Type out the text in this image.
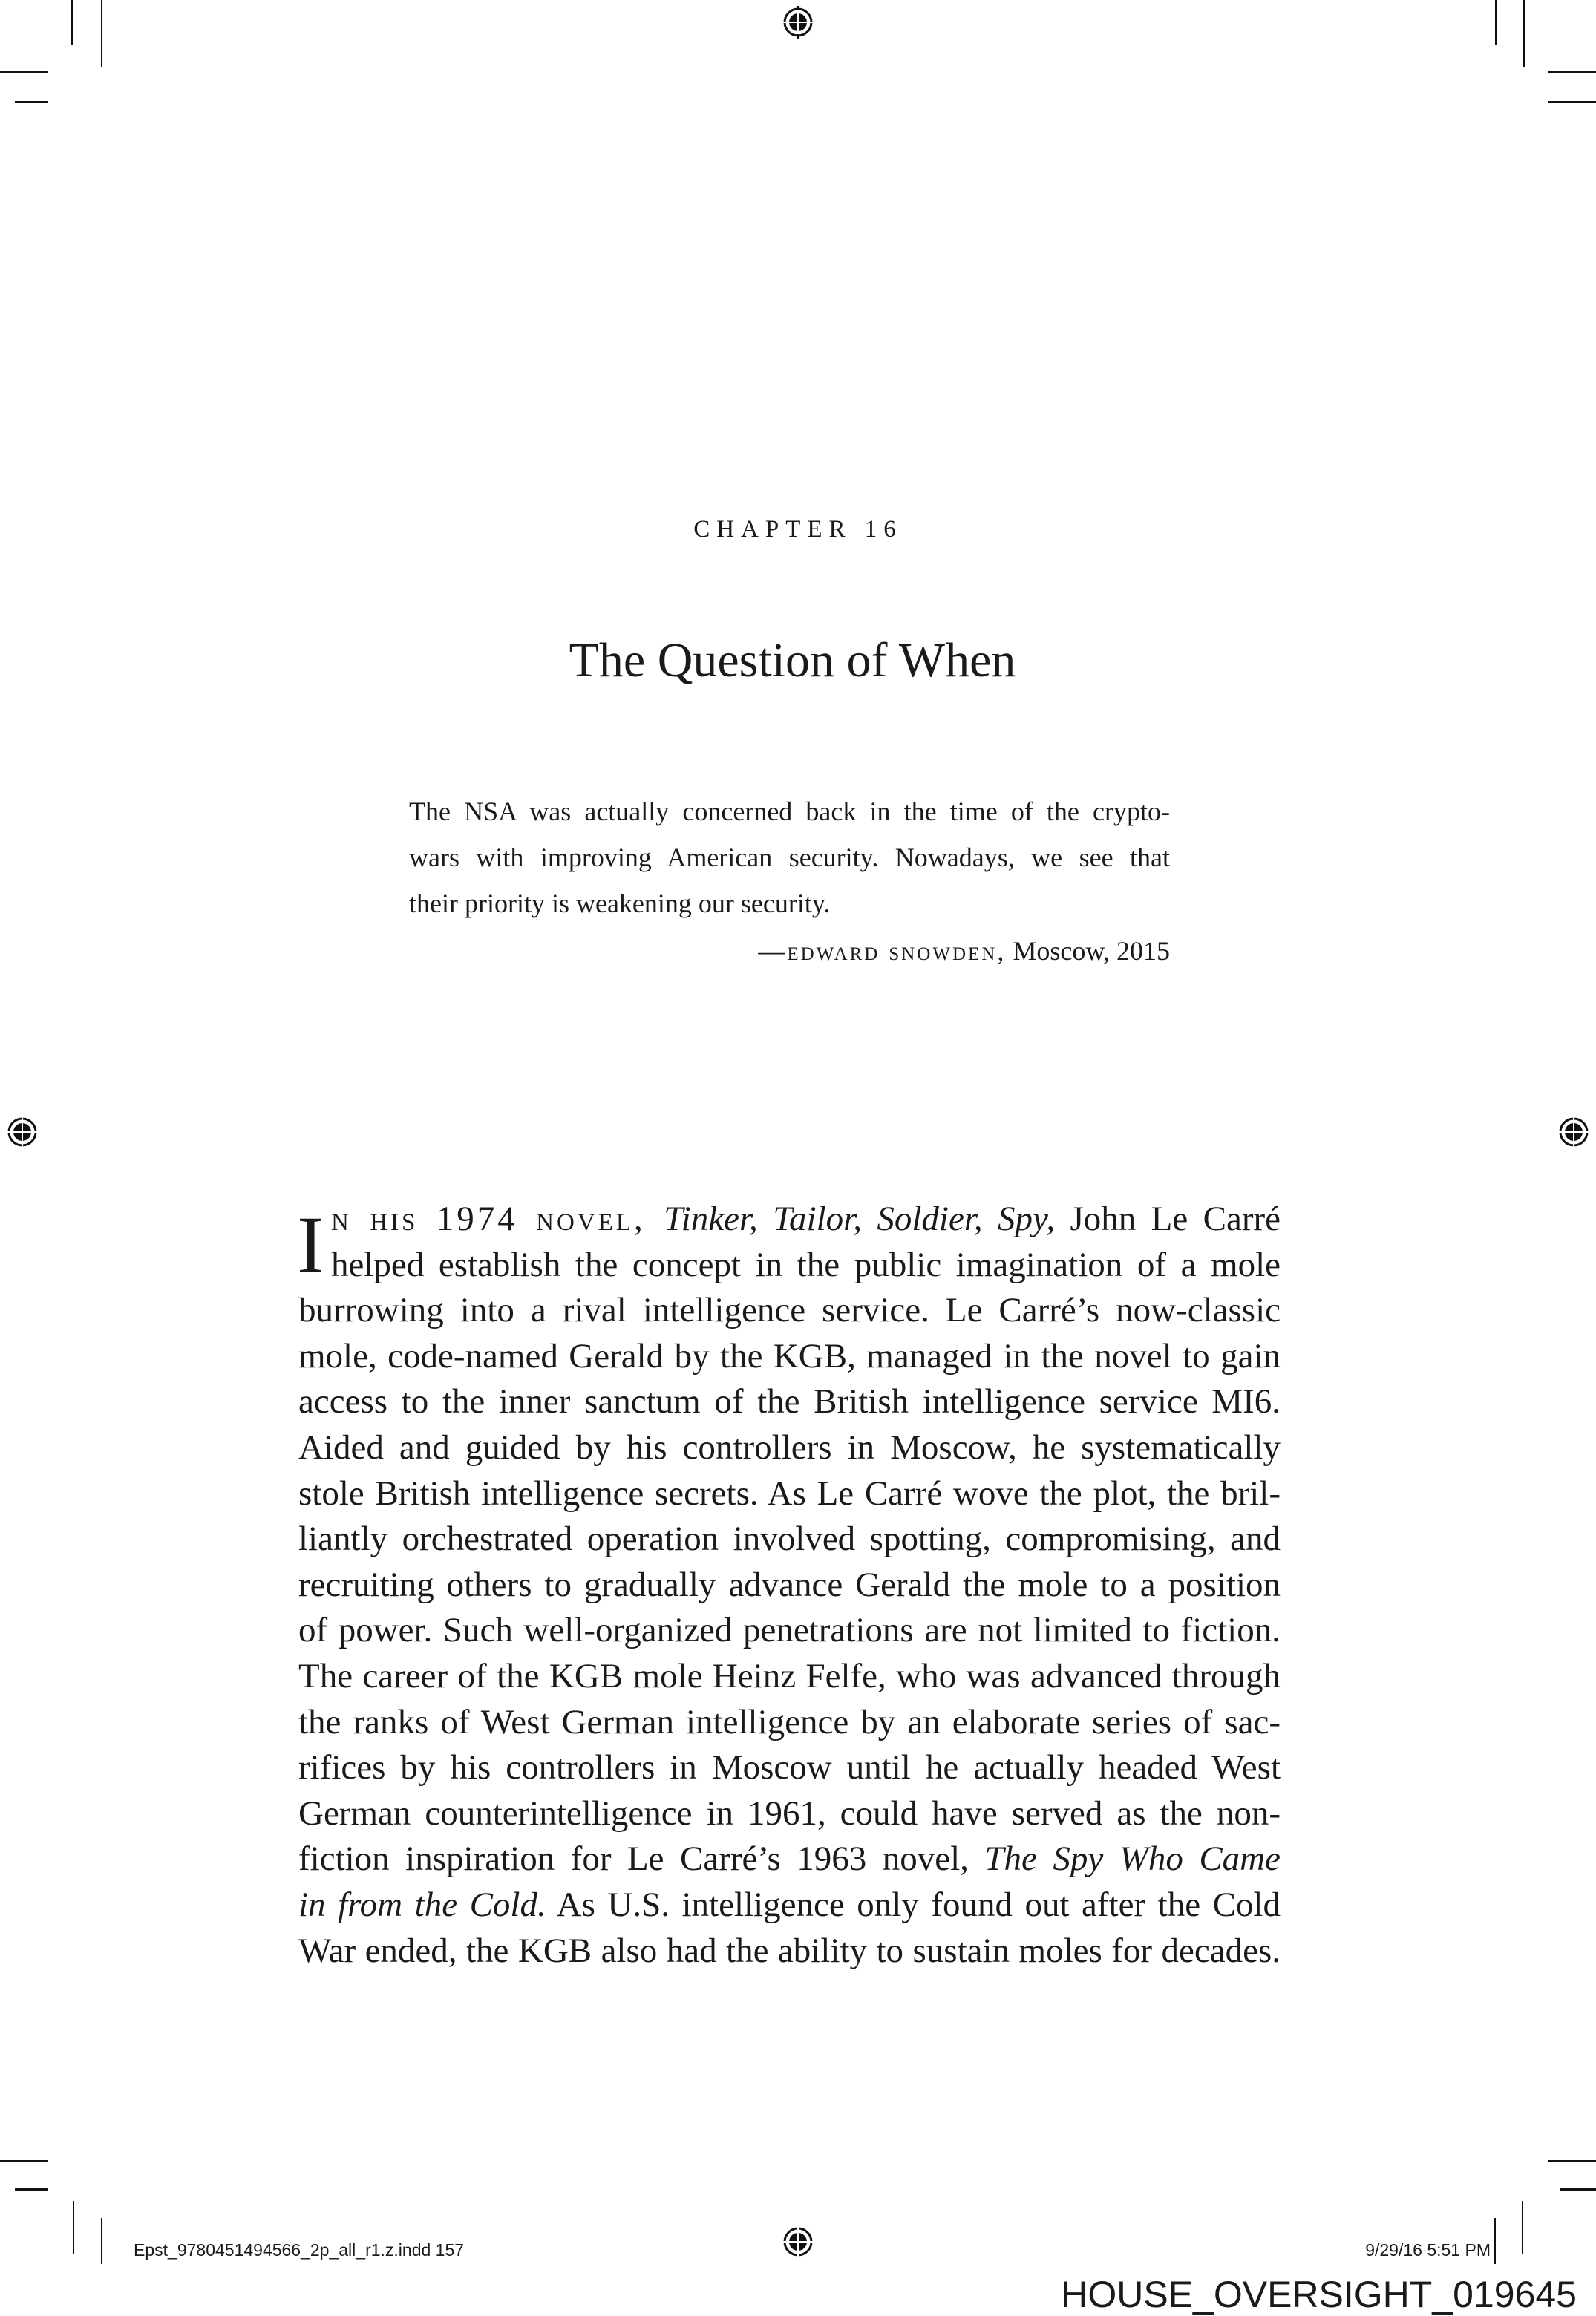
CHAPTER 16
The Question of When
The NSA was actually concerned back in the time of the crypto-
wars with improving American security. Nowadays, we see that
their priority is weakening our security.
—edward snowden, Moscow, 2015
I n his 1974 novel, Tinker, Tailor, Soldier, Spy, John Le Carré
helped establish the concept in the public imagination of a mole
burrowing into a rival intelligence service. Le Carré’s now-classic
mole, code-named Gerald by the KGB, managed in the novel to gain
access to the inner sanctum of the British intelligence service MI6.
Aided and guided by his controllers in Moscow, he systematically
stole British intelligence secrets. As Le Carré wove the plot, the bril-
liantly orchestrated operation involved spotting, compromising, and
recruiting others to gradually advance Gerald the mole to a position
of power. Such well-organized penetrations are not limited to fiction.
The career of the KGB mole Heinz Felfe, who was advanced through
the ranks of West German intelligence by an elaborate series of sac-
rifices by his controllers in Moscow until he actually headed West
German counterintelligence in 1961, could have served as the non-
fiction inspiration for Le Carré’s 1963 novel, The Spy Who Came
in from the Cold. As U.S. intelligence only found out after the Cold
War ended, the KGB also had the ability to sustain moles for decades.
Epst_9780451494566_2p_all_r1.z.indd 157	9/29/16 5:51 PM
HOUSE_OVERSIGHT_019645
